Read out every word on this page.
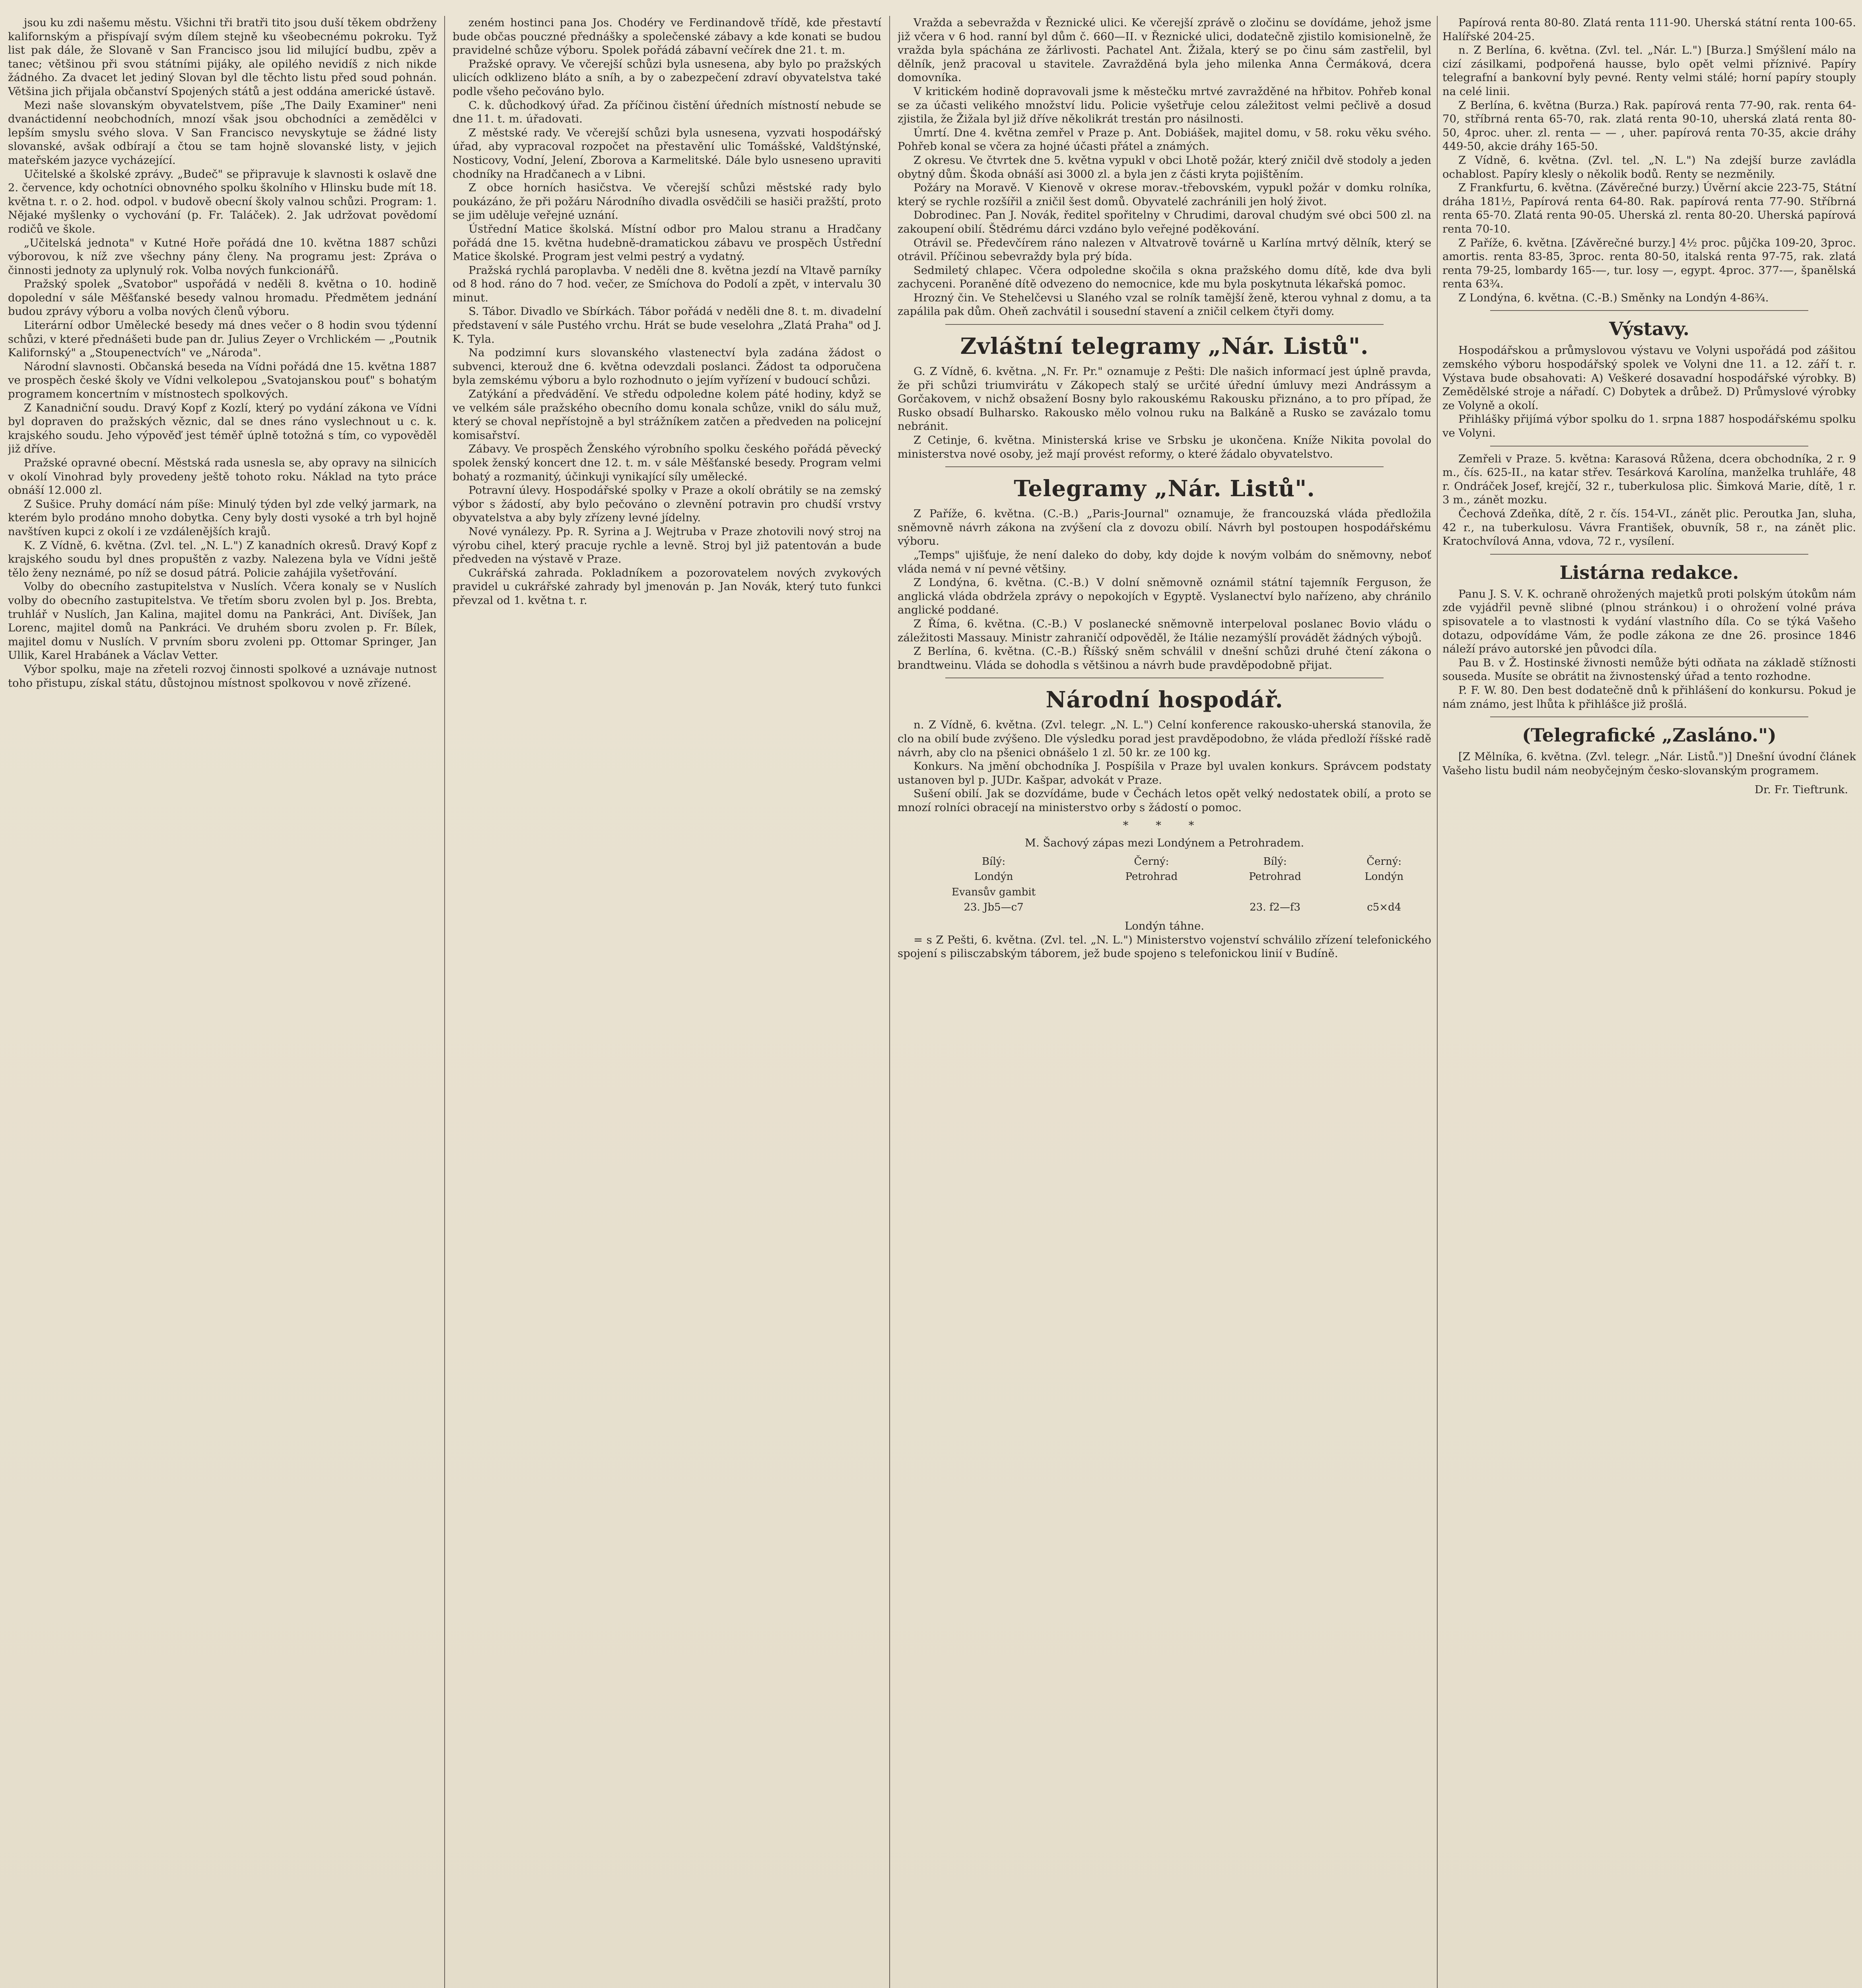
jsou ku zdi našemu městu. Všichni tři bratři tito jsou duší těkem obdrženy kalifornským a přispívají svým dílem stejně ku všeobecnému pokroku. Tyž list pak dále, že Slovaně v San Francisco jsou lid milující budbu, zpěv a tanec; většinou při svou státními pijáky, ale opilého nevidíš z nich nikde žádného. Za dvacet let jediný Slovan byl dle těchto listu před soud pohnán. Většina jich přijala občanství Spojených států a jest oddána americké ústavě.

Mezi naše slovanským obyvatelstvem, píše „The Daily Examiner" neni dvanáctidenní neobchodních, mnozí však jsou obchodníci a zemědělci v lepším smyslu svého slova. V San Francisco nevyskytuje se žádné listy slovanské, avšak odbírají a čtou se tam hojně slovanské listy, v jejich mateřském jazyce vycházející.

Učitelské a školské zprávy. „Budeč" se připravuje k slavnosti k oslavě dne 2. července, kdy ochotníci obnovného spolku školního v Hlinsku bude mít 18. května t. r. o 2. hod. odpol. v budově obecní školy valnou schůzi. Program: 1. Nějaké myšlenky o vychování (p. Fr. Taláček). 2. Jak udržovat povědomí rodičů ve škole.

„Učitelská jednota" v Kutné Hoře pořádá dne 10. května 1887 schůzi výborovou, k níž zve všechny pány členy. Na programu jest: Zpráva o činnosti jednoty za uplynulý rok. Volba nových funkcionářů.

Pražský spolek „Svatobor" uspořádá v neděli 8. května o 10. hodině dopolední v sále Měšťanské besedy valnou hromadu. Předmětem jednání budou zprávy výboru a volba nových členů výboru.

Literární odbor Umělecké besedy má dnes večer o 8 hodin svou týdenní schůzi, v které přednášeti bude pan dr. Julius Zeyer o Vrchlickém — „Poutnik Kalifornský" a „Stoupenectvích" ve „Národa".

Národní slavnosti. Občanská beseda na Vídni pořádá dne 15. května 1887 ve prospěch české školy ve Vídni velkolepou „Svatojanskou pouť" s bohatým programem koncertním v místnostech spolkových.

Z Kanadniční soudu. Dravý Kopf z Kozlí, který po vydání zákona ve Vídni byl dopraven do pražských věznic, dal se dnes ráno vyslechnout u c. k. krajského soudu. Jeho výpověď jest téměř úplně totožná s tím, co vypověděl již dříve.

Pražské opravné obecní. Městská rada usnesla se, aby opravy na silnicích v okolí Vinohrad byly provedeny ještě tohoto roku. Náklad na tyto práce obnáší 12.000 zl.

Z Sušice. Pruhy domácí nám píše: Minulý týden byl zde velký jarmark, na kterém bylo prodáno mnoho dobytka. Ceny byly dosti vysoké a trh byl hojně navštíven kupci z okolí i ze vzdálenějších krajů.

K. Z Vídně, 6. května. (Zvl. tel. „N. L.") Z kanadních okresů. Dravý Kopf z krajského soudu byl dnes propuštěn z vazby. Nalezena byla ve Vídni ještě tělo ženy neznámé, po níž se dosud pátrá. Policie zahájila vyšetřování.

Volby do obecního zastupitelstva v Nuslích. Včera konaly se v Nuslích volby do obecního zastupitelstva. Ve třetím sboru zvolen byl p. Jos. Brebta, truhlář v Nuslích, Jan Kalina, majitel domu na Pankráci, Ant. Divíšek, Jan Lorenc, majitel domů na Pankráci. Ve druhém sboru zvolen p. Fr. Bílek, majitel domu v Nuslích. V prvním sboru zvoleni pp. Ottomar Springer, Jan Ullik, Karel Hrabánek a Václav Vetter.

Výbor spolku, maje na zřeteli rozvoj činnosti spolkové a uznávaje nutnost toho přistupu, získal státu, důstojnou místnost spolkovou v nově zřízené.

zeném hostinci pana Jos. Chodéry ve Ferdinandově třídě, kde přestavtí bude občas pouczné přednášky a společenské zábavy a kde konati se budou pravidelné schůze výboru. Spolek pořádá zábavní večírek dne 21. t. m.

Pražské opravy. Ve včerejší schůzi byla usnesena, aby bylo po pražských ulicích odklizeno bláto a sníh, a by o zabezpečení zdraví obyvatelstva také podle všeho pečováno bylo.

C. k. důchodkový úřad. Za příčinou čistění úředních místností nebude se dne 11. t. m. úřadovati.

Z městské rady. Ve včerejší schůzi byla usnesena, vyzvati hospodářský úřad, aby vypracoval rozpočet na přestavění ulic Tomášské, Valdštýnské, Nosticovy, Vodní, Jelení, Zborova a Karmelitské. Dále bylo usneseno upraviti chodníky na Hradčanech a v Libni.

Z obce horních hasičstva. Ve včerejší schůzi městské rady bylo poukázáno, že při požáru Národního divadla osvědčili se hasiči pražští, proto se jim uděluje veřejné uznání.

Ústřední Matice školská. Místní odbor pro Malou stranu a Hradčany pořádá dne 15. května hudebně-dramatickou zábavu ve prospěch Ústřední Matice školské. Program jest velmi pestrý a vydatný.

Pražská rychlá paroplavba. V neděli dne 8. května jezdí na Vltavě parníky od 8 hod. ráno do 7 hod. večer, ze Smíchova do Podolí a zpět, v intervalu 30 minut.

S. Tábor. Divadlo ve Sbírkách. Tábor pořádá v neděli dne 8. t. m. divadelní představení v sále Pustého vrchu. Hrát se bude veselohra „Zlatá Praha" od J. K. Tyla.

Na podzimní kurs slovanského vlastenectví byla zadána žádost o subvenci, kterouž dne 6. května odevzdali poslanci. Žádost ta odporučena byla zemskému výboru a bylo rozhodnuto o jejím vyřízení v budoucí schůzi.

Zatýkání a předvádění. Ve středu odpoledne kolem páté hodiny, když se ve velkém sále pražského obecního domu konala schůze, vnikl do sálu muž, který se choval nepřístojně a byl strážníkem zatčen a předveden na policejní komisařství.

Zábavy. Ve prospěch Ženského výrobního spolku českého pořádá pěvecký spolek ženský koncert dne 12. t. m. v sále Měšťanské besedy. Program velmi bohatý a rozmanitý, účinkuji vynikající síly umělecké.

Potravní úlevy. Hospodářské spolky v Praze a okolí obrátily se na zemský výbor s žádostí, aby bylo pečováno o zlevnění potravin pro chudší vrstvy obyvatelstva a aby byly zřízeny levné jídelny.

Nové vynálezy. Pp. R. Syrina a J. Wejtruba v Praze zhotovili nový stroj na výrobu cihel, který pracuje rychle a levně. Stroj byl již patentován a bude předveden na výstavě v Praze.

Cukrářská zahrada. Pokladníkem a pozorovatelem nových zvykových pravidel u cukrářské zahrady byl jmenován p. Jan Novák, který tuto funkci převzal od 1. května t. r.

Vražda a sebevražda v Řeznické ulici. Ke včerejší zprávě o zločinu se dovídáme, jehož jsme již včera v 6 hod. ranní byl dům č. 660—II. v Řeznické ulici, dodatečně zjistilo komisionelně, že vražda byla spáchána ze žárlivosti. Pachatel Ant. Žižala, který se po činu sám zastřelil, byl dělník, jenž pracoval u stavitele. Zavražděná byla jeho milenka Anna Čermáková, dcera domovníka.

V kritickém hodině dopravovali jsme k městečku mrtvé zavražděné na hřbitov. Pohřeb konal se za účasti velikého množství lidu. Policie vyšetřuje celou záležitost velmi pečlivě a dosud zjistila, že Žižala byl již dříve několikrát trestán pro násilnosti.

Úmrtí. Dne 4. května zemřel v Praze p. Ant. Dobiášek, majitel domu, v 58. roku věku svého. Pohřeb konal se včera za hojné účasti přátel a známých.

Z okresu. Ve čtvrtek dne 5. května vypukl v obci Lhotě požár, který zničil dvě stodoly a jeden obytný dům. Škoda obnáší asi 3000 zl. a byla jen z části kryta pojištěním.

Požáry na Moravě. V Kienově v okrese morav.-třebovském, vypukl požár v domku rolníka, který se rychle rozšířil a zničil šest domů. Obyvatelé zachránili jen holý život.

Dobrodinec. Pan J. Novák, ředitel spořitelny v Chrudimi, daroval chudým své obci 500 zl. na zakoupení obilí. Štědrému dárci vzdáno bylo veřejné poděkování.

Otrávil se. Předevčírem ráno nalezen v Altvatrově továrně u Karlína mrtvý dělník, který se otrávil. Příčinou sebevraždy byla prý bída.

Sedmiletý chlapec. Včera odpoledne skočila s okna pražského domu dítě, kde dva byli zachyceni. Poraněné dítě odvezeno do nemocnice, kde mu byla poskytnuta lékařská pomoc.

Hrozný čin. Ve Stehelčevsi u Slaného vzal se rolník tamější ženě, kterou vyhnal z domu, a ta zapálila pak dům. Oheň zachvátil i sousední stavení a zničil celkem čtyři domy.

Zvláštní telegramy „Nár. Listů".

G. Z Vídně, 6. května. „N. Fr. Pr." oznamuje z Pešti: Dle našich informací jest úplně pravda, že při schůzi triumvirátu v Zákopech stalý se určité úřední úmluvy mezi Andrássym a Gorčakovem, v nichž obsažení Bosny bylo rakouskému Rakousku přiznáno, a to pro případ, že Rusko obsadí Bulharsko. Rakousko mělo volnou ruku na Balkáně a Rusko se zavázalo tomu nebránit.

Z Cetinje, 6. května. Ministerská krise ve Srbsku je ukončena. Kníže Nikita povolal do ministerstva nové osoby, jež mají provést reformy, o které žádalo obyvatelstvo.

Telegramy „Nár. Listů".

Z Paříže, 6. května. (C.-B.) „Paris-Journal" oznamuje, že francouzská vláda předložila sněmovně návrh zákona na zvýšení cla z dovozu obilí. Návrh byl postoupen hospodářskému výboru.

„Temps" ujišťuje, že není daleko do doby, kdy dojde k novým volbám do sněmovny, neboť vláda nemá v ní pevné většiny.

Z Londýna, 6. května. (C.-B.) V dolní sněmovně oznámil státní tajemník Ferguson, že anglická vláda obdržela zprávy o nepokojích v Egyptě. Vyslanectví bylo nařízeno, aby chránilo anglické poddané.

Z Říma, 6. května. (C.-B.) V poslanecké sněmovně interpeloval poslanec Bovio vládu o záležitosti Massauy. Ministr zahraničí odpověděl, že Itálie nezamýšlí provádět žádných výbojů.

Z Berlína, 6. května. (C.-B.) Říšský sněm schválil v dnešní schůzi druhé čtení zákona o brandtweinu. Vláda se dohodla s většinou a návrh bude pravděpodobně přijat.

Národní hospodář.

n. Z Vídně, 6. května. (Zvl. telegr. „N. L.") Celní konference rakousko-uherská stanovila, že clo na obilí bude zvýšeno. Dle výsledku porad jest pravděpodobno, že vláda předloží říšské radě návrh, aby clo na pšenici obnášelo 1 zl. 50 kr. ze 100 kg.

Konkurs. Na jmění obchodníka J. Pospíšila v Praze byl uvalen konkurs. Správcem podstaty ustanoven byl p. JUDr. Kašpar, advokát v Praze.

Sušení obilí. Jak se dozvídáme, bude v Čechách letos opět velký nedostatek obilí, a proto se mnozí rolníci obracejí na ministerstvo orby s žádostí o pomoc.

* * *

M. Šachový zápas mezi Londýnem a Petrohradem.

Bílý:	Černý:	Bílý:	Černý:
Londýn	Petrohrad	Petrohrad	Londýn
Evansův gambit			
23. Jb5—c7		23. f2—f3	c5×d4

Londýn táhne.

= s Z Pešti, 6. května. (Zvl. tel. „N. L.") Ministerstvo vojenství schválilo zřízení telefonického spojení s pilisczabským táborem, jež bude spojeno s telefonickou linií v Budíně.

Papírová renta 80-80. Zlatá renta 111-90. Uherská státní renta 100-65. Halířské 204-25.

n. Z Berlína, 6. května. (Zvl. tel. „Nár. L.") [Burza.] Smýšlení málo na cizí zásilkami, podpořená hausse, bylo opět velmi příznivé. Papíry telegrafní a bankovní byly pevné. Renty velmi stálé; horní papíry stouply na celé linii.

Z Berlína, 6. května (Burza.) Rak. papírová renta 77-90, rak. renta 64-70, stříbrná renta 65-70, rak. zlatá renta 90-10, uherská zlatá renta 80-50, 4proc. uher. zl. renta — — , uher. papírová renta 70-35, akcie dráhy 449-50, akcie dráhy 165-50.

Z Vídně, 6. května. (Zvl. tel. „N. L.") Na zdejší burze zavládla ochablost. Papíry klesly o několik bodů. Renty se nezměnily.

Z Frankfurtu, 6. května. (Závěrečné burzy.) Úvěrní akcie 223-75, Státní dráha 181½, Papírová renta 64-80. Rak. papírová renta 77-90. Stříbrná renta 65-70. Zlatá renta 90-05. Uherská zl. renta 80-20. Uherská papírová renta 70-10.

Z Paříže, 6. května. [Závěrečné burzy.] 4½ proc. půjčka 109-20, 3proc. amortis. renta 83-85, 3proc. renta 80-50, italská renta 97-75, rak. zlatá renta 79-25, lombardy 165-—, tur. losy —, egypt. 4proc. 377-—, španělská renta 63¾.

Z Londýna, 6. května. (C.-B.) Směnky na Londýn 4-86¾.

Výstavy.

Hospodářskou a průmyslovou výstavu ve Volyni uspořádá pod zášitou zemského výboru hospodářský spolek ve Volyni dne 11. a 12. září t. r. Výstava bude obsahovati: A) Veškeré dosavadní hospodářské výrobky. B) Zemědělské stroje a nářadí. C) Dobytek a drůbež. D) Průmyslové výrobky ze Volyně a okolí.

Přihlášky přijímá výbor spolku do 1. srpna 1887 hospodářskému spolku ve Volyni.

Zemřeli v Praze. 5. května: Karasová Růžena, dcera obchodníka, 2 r. 9 m., čís. 625-II., na katar střev. Tesárková Karolína, manželka truhláře, 48 r. Ondráček Josef, krejčí, 32 r., tuberkulosa plic. Šimková Marie, dítě, 1 r. 3 m., zánět mozku.

Čechová Zdeňka, dítě, 2 r. čís. 154-VI., zánět plic. Peroutka Jan, sluha, 42 r., na tuberkulosu. Vávra František, obuvník, 58 r., na zánět plic. Kratochvílová Anna, vdova, 72 r., vysílení.

Listárna redakce.

Panu J. S. V. K. ochraně ohrožených majetků proti polským útokům nám zde vyjádřil pevně slibné (plnou stránkou) i o ohrožení volné práva spisovatele a to vlastnosti k vydání vlastního díla. Co se týká Vašeho dotazu, odpovídáme Vám, že podle zákona ze dne 26. prosince 1846 náleží právo autorské jen původci díla.

Pau B. v Ž. Hostinské živnosti nemůže býti odňata na základě stížnosti souseda. Musíte se obrátit na živnostenský úřad a tento rozhodne.

P. F. W. 80. Den best dodatečně dnů k přihlášení do konkursu. Pokud je nám známo, jest lhůta k přihlášce již prošlá.

(Telegrafické „Zasláno.")

[Z Mělníka, 6. května. (Zvl. telegr. „Nár. Listů.")] Dnešní úvodní článek Vašeho listu budil nám neobyčejným česko-slovanským programem.

Dr. Fr. Tieftrunk.
